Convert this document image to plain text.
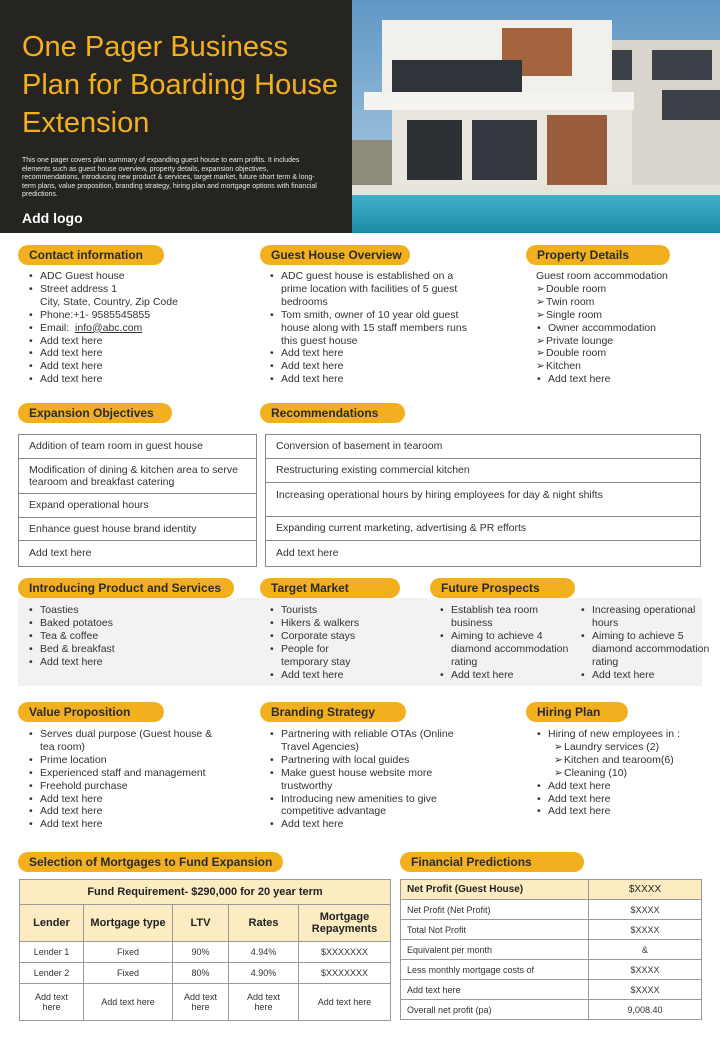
One Pager Business Plan for Boarding House Extension

This one pager covers plan summary of expanding guest house to earn profits. It includes elements such as guest house overview, property details, expansion objectives, recommendations, introducing new product & services, target market, future short term & long-term plans, value proposition, branding strategy, hiring plan and mortgage options with financial predictions.

Add logo
Contact information
• ADC Guest house
• Street address 1
City, State, Country, Zip Code
• Phone:+1- 9585545855
• Email: info@abc.com
• Add text here
• Add text here
• Add text here
• Add text here
Guest House Overview
• ADC guest house is established on a prime location with facilities of 5 guest bedrooms
• Tom smith, owner of 10 year old guest house along with 15 staff members runs this guest house
• Add text here
• Add text here
• Add text here
Property Details
Guest room accommodation
➢Double room
➢Twin room
➢Single room
• Owner accommodation
➢Private lounge
➢Double room
➢Kitchen
• Add text here
Expansion Objectives
Addition of team room in guest house
Modification of dining & kitchen area to serve tearoom and breakfast catering
Expand operational hours
Enhance guest house brand identity
Add text here
Recommendations
Conversion of basement in tearoom
Restructuring existing commercial kitchen
Increasing operational hours by hiring employees for day & night shifts
Expanding current marketing, advertising & PR efforts
Add text here
Introducing Product and Services
• Toasties
• Baked potatoes
• Tea & coffee
• Bed & breakfast
• Add text here
Target Market
• Tourists
• Hikers & walkers
• Corporate stays
• People for temporary stay
• Add text here
Future Prospects
• Establish tea room business
• Aiming to achieve 4 diamond accommodation rating
• Add text here
• Increasing operational hours
• Aiming to achieve 5 diamond accommodation rating
• Add text here
Value Proposition
• Serves dual purpose (Guest house & tea room)
• Prime location
• Experienced staff and management
• Freehold purchase
• Add text here
• Add text here
• Add text here
Branding Strategy
• Partnering with reliable OTAs (Online Travel Agencies)
• Partnering with local guides
• Make guest house website more trustworthy
• Introducing new amenities to give competitive advantage
• Add text here
Hiring Plan
• Hiring of new employees in :
➢Laundry services (2)
➢Kitchen and tearoom(6)
➢Cleaning (10)
• Add text here
• Add text here
• Add text here
Selection of Mortgages to Fund Expansion
Fund Requirement- $290,000 for 20 year term				
Lender	Mortgage type	LTV	Rates	Mortgage Repayments
Lender 1	Fixed	90%	4.94%	$XXXXXXX
Lender 2	Fixed	80%	4.90%	$XXXXXXX
Add text here	Add text here	Add text here	Add text here	Add text here
Financial Predictions
Net Profit (Guest House)	$XXXX
Net Profit (Net Profit)	$XXXX
Total Not Profit	$XXXX
Equivalent per month	&
Less monthly mortgage costs of	$XXXX
Add text here	$XXXX
Overall net profit (pa)	9,008.40
